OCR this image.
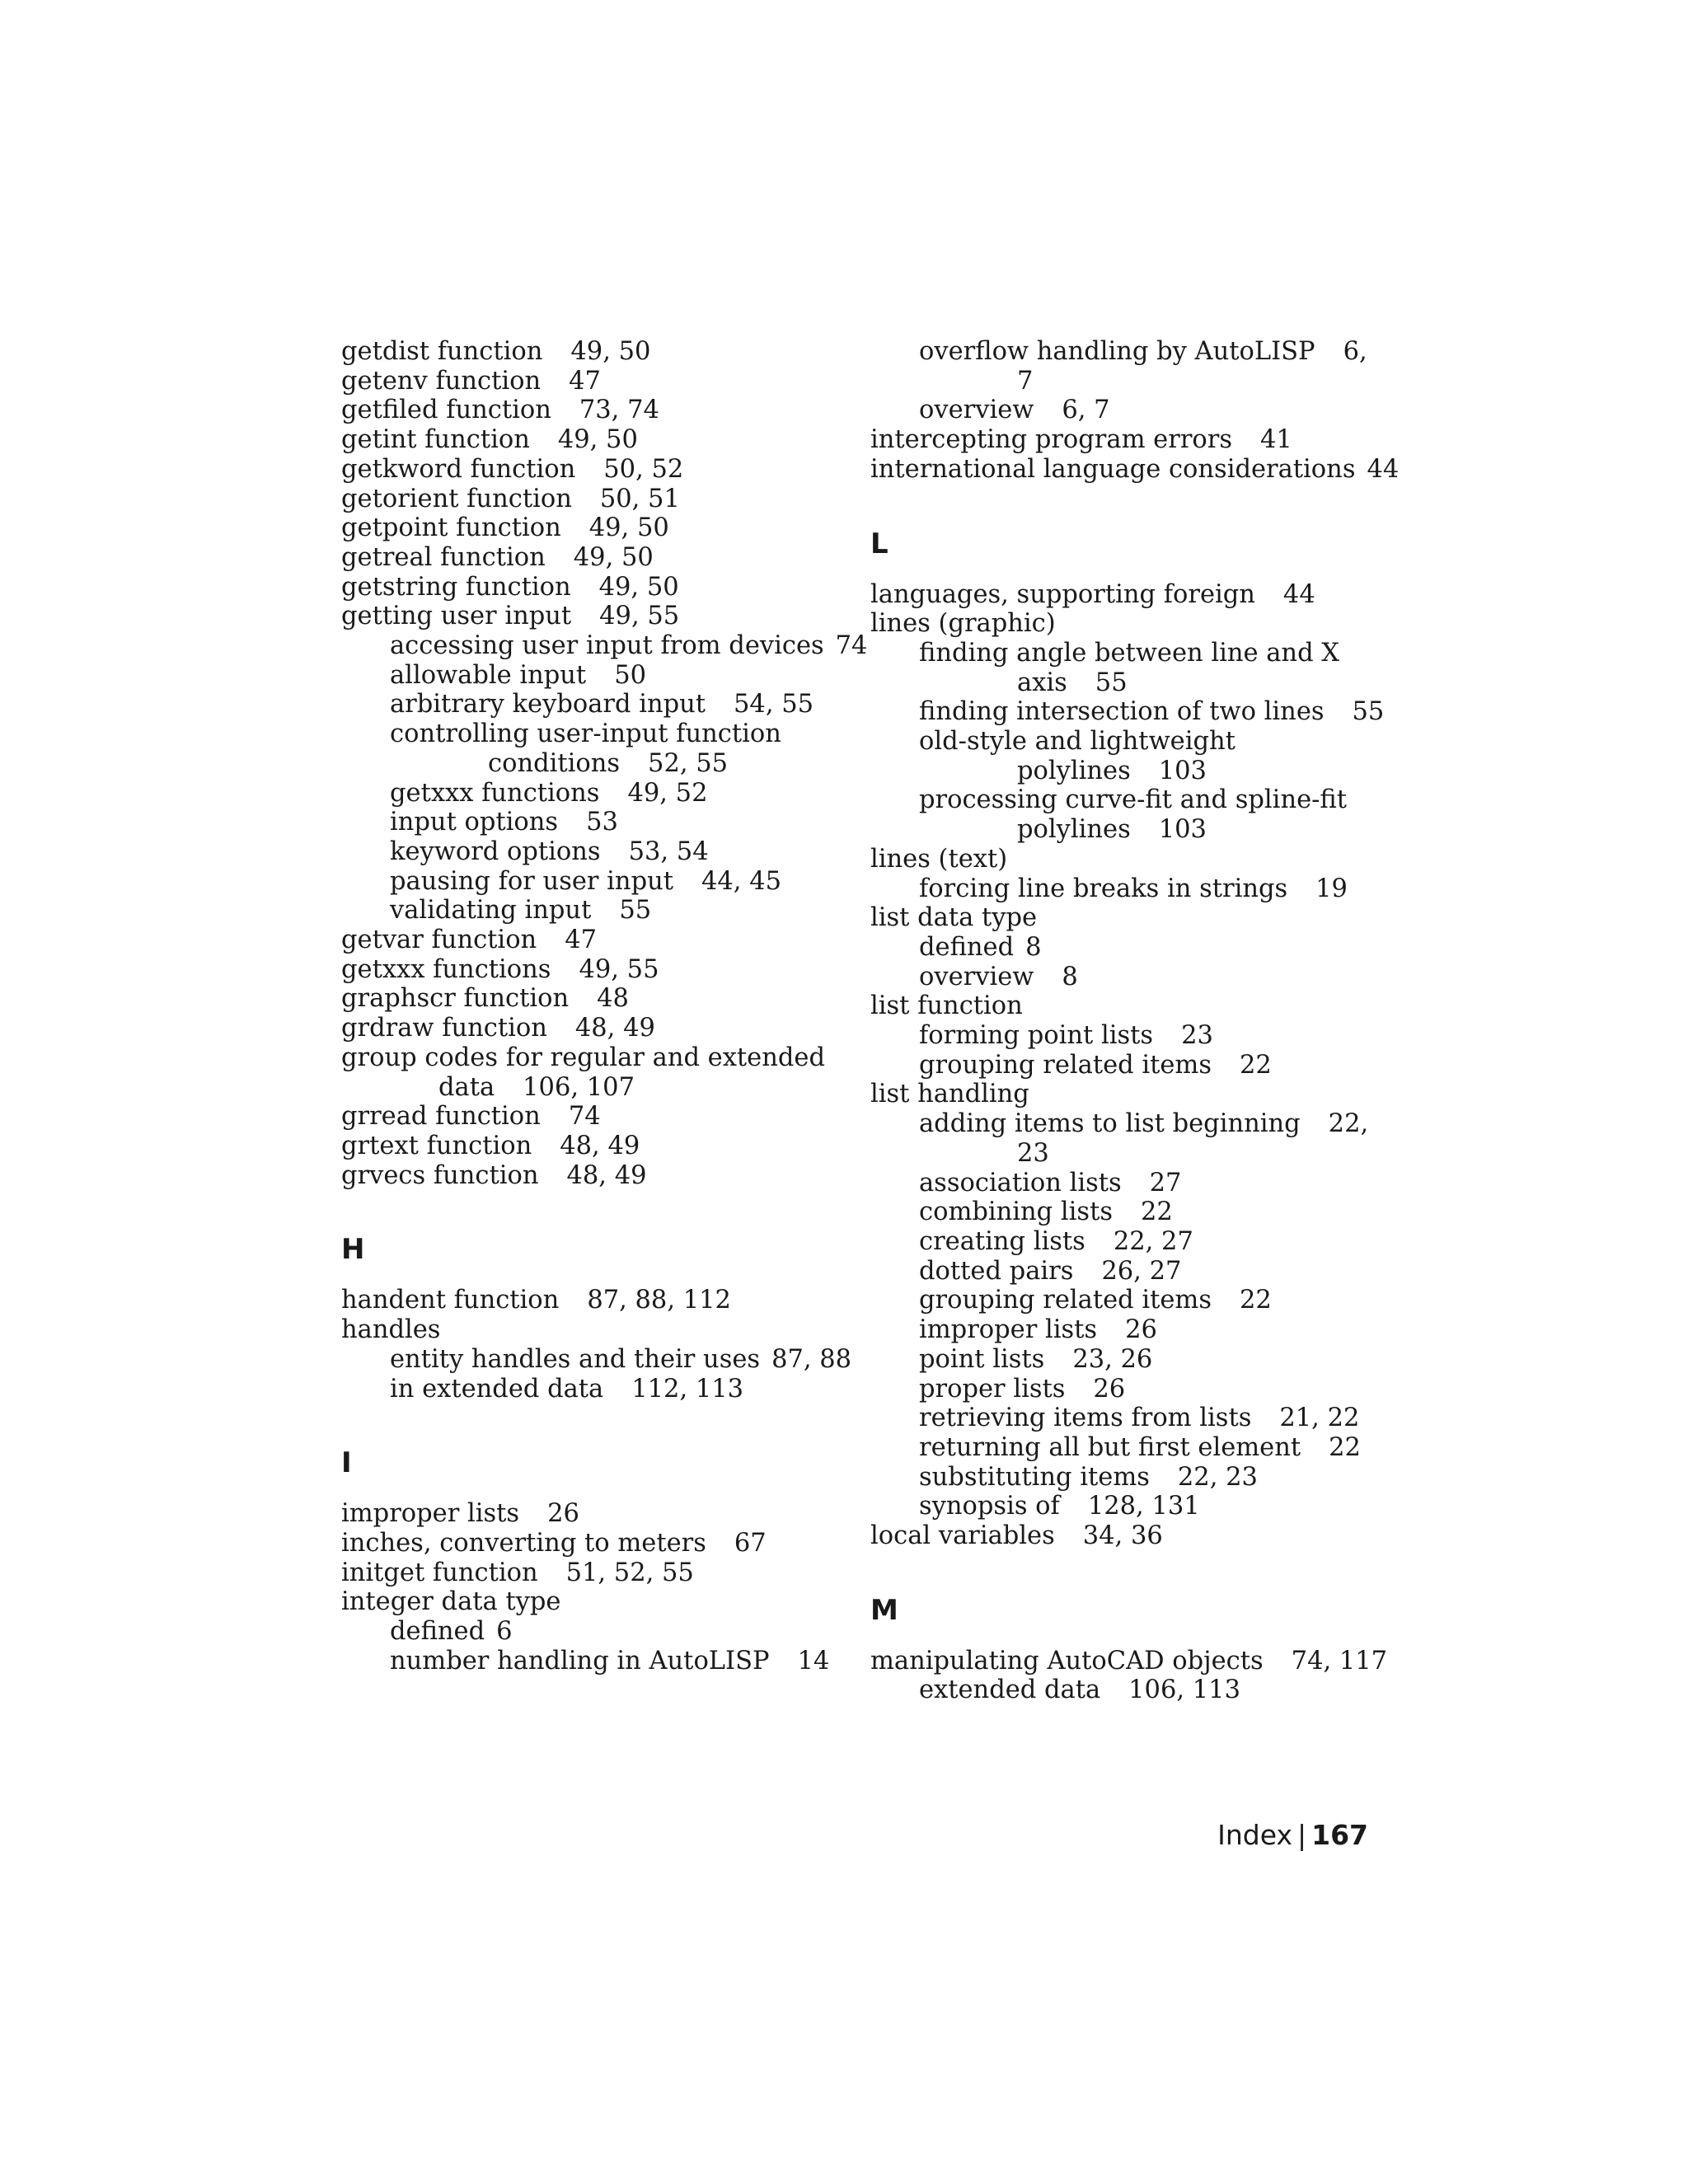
getdist function 49, 50
getenv function 47
getfiled function 73, 74
getint function 49, 50
getkword function 50, 52
getorient function 50, 51
getpoint function 49, 50
getreal function 49, 50
getstring function 49, 50
getting user input 49, 55
accessing user input from devices 74
allowable input 50
arbitrary keyboard input 54, 55
controlling user-input function
conditions 52, 55
getxxx functions 49, 52
input options 53
keyword options 53, 54
pausing for user input 44, 45
validating input 55
getvar function 47
getxxx functions 49, 55
graphscr function 48
grdraw function 48, 49
group codes for regular and extended
data 106, 107
grread function 74
grtext function 48, 49
grvecs function 48, 49
H
handent function 87, 88, 112
handles
entity handles and their uses 87, 88
in extended data 112, 113
I
improper lists 26
inches, converting to meters 67
initget function 51, 52, 55
integer data type
defined 6
number handling in AutoLISP 14
overflow handling by AutoLISP 6,
7
overview 6, 7
intercepting program errors 41
international language considerations 44
L
languages, supporting foreign 44
lines (graphic)
finding angle between line and X
axis 55
finding intersection of two lines 55
old-style and lightweight
polylines 103
processing curve-fit and spline-fit
polylines 103
lines (text)
forcing line breaks in strings 19
list data type
defined 8
overview 8
list function
forming point lists 23
grouping related items 22
list handling
adding items to list beginning 22,
23
association lists 27
combining lists 22
creating lists 22, 27
dotted pairs 26, 27
grouping related items 22
improper lists 26
point lists 23, 26
proper lists 26
retrieving items from lists 21, 22
returning all but first element 22
substituting items 22, 23
synopsis of 128, 131
local variables 34, 36
M
manipulating AutoCAD objects 74, 117
extended data 106, 113
Index | 167
